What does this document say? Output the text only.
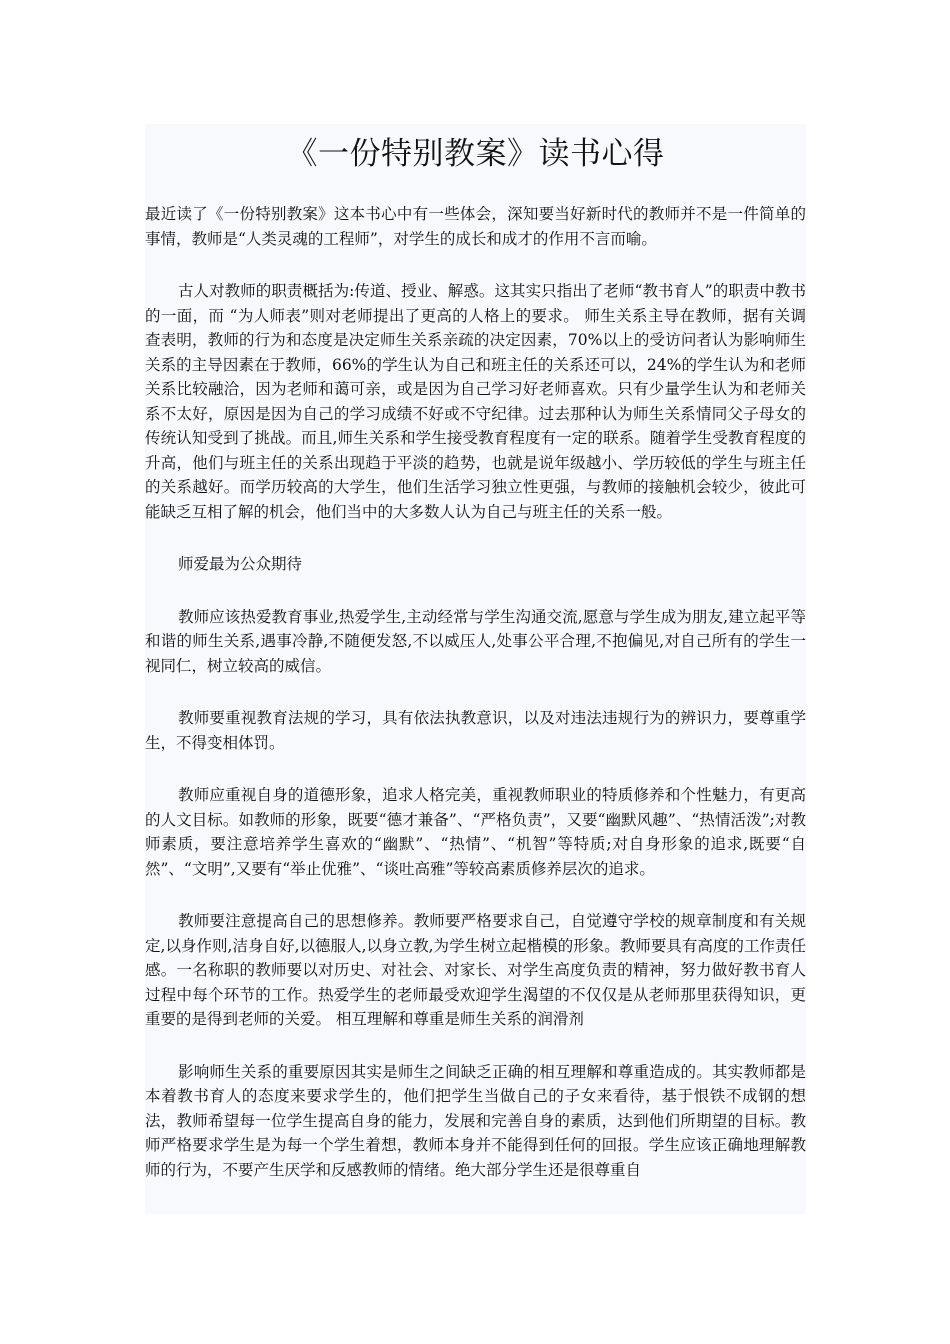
《一份特别教案》读书心得

最近读了《一份特别教案》这本书心中有一些体会，深知要当好新时代的教师并不是一件简单的事情，教师是“人类灵魂的工程师”，对学生的成长和成才的作用不言而喻。

古人对教师的职责概括为:传道、授业、解惑。这其实只指出了老师“教书育人”的职责中教书的一面，而 “为人师表”则对老师提出了更高的人格上的要求。 师生关系主导在教师，据有关调查表明，教师的行为和态度是决定师生关系亲疏的决定因素，70%以上的受访问者认为影响师生关系的主导因素在于教师，66%的学生认为自己和班主任的关系还可以，24%的学生认为和老师关系比较融洽，因为老师和蔼可亲，或是因为自己学习好老师喜欢。只有少量学生认为和老师关系不太好，原因是因为自己的学习成绩不好或不守纪律。过去那种认为师生关系情同父子母女的传统认知受到了挑战。而且,师生关系和学生接受教育程度有一定的联系。随着学生受教育程度的升高，他们与班主任的关系出现趋于平淡的趋势，也就是说年级越小、学历较低的学生与班主任的关系越好。而学历较高的大学生，他们生活学习独立性更强，与教师的接触机会较少，彼此可能缺乏互相了解的机会，他们当中的大多数人认为自己与班主任的关系一般。

师爱最为公众期待

教师应该热爱教育事业,热爱学生,主动经常与学生沟通交流,愿意与学生成为朋友,建立起平等和谐的师生关系,遇事冷静,不随便发怒,不以威压人,处事公平合理,不抱偏见,对自己所有的学生一视同仁，树立较高的威信。

教师要重视教育法规的学习，具有依法执教意识，以及对违法违规行为的辨识力，要尊重学生，不得变相体罚。

教师应重视自身的道德形象，追求人格完美，重视教师职业的特质修养和个性魅力，有更高的人文目标。如教师的形象，既要“德才兼备”、“严格负责”，又要“幽默风趣”、“热情活泼”;对教师素质，要注意培养学生喜欢的“幽默”、“热情”、“机智”等特质;对自身形象的追求,既要“自然”、“文明”,又要有“举止优雅”、“谈吐高雅”等较高素质修养层次的追求。

教师要注意提高自己的思想修养。教师要严格要求自己，自觉遵守学校的规章制度和有关规定,以身作则,洁身自好,以德服人,以身立教,为学生树立起楷模的形象。教师要具有高度的工作责任感。一名称职的教师要以对历史、对社会、对家长、对学生高度负责的精神，努力做好教书育人过程中每个环节的工作。热爱学生的老师最受欢迎学生渴望的不仅仅是从老师那里获得知识，更重要的是得到老师的关爱。 相互理解和尊重是师生关系的润滑剂

影响师生关系的重要原因其实是师生之间缺乏正确的相互理解和尊重造成的。其实教师都是本着教书育人的态度来要求学生的，他们把学生当做自己的子女来看待，基于恨铁不成钢的想法，教师希望每一位学生提高自身的能力，发展和完善自身的素质，达到他们所期望的目标。教师严格要求学生是为每一个学生着想，教师本身并不能得到任何的回报。学生应该正确地理解教师的行为，不要产生厌学和反感教师的情绪。绝大部分学生还是很尊重自
